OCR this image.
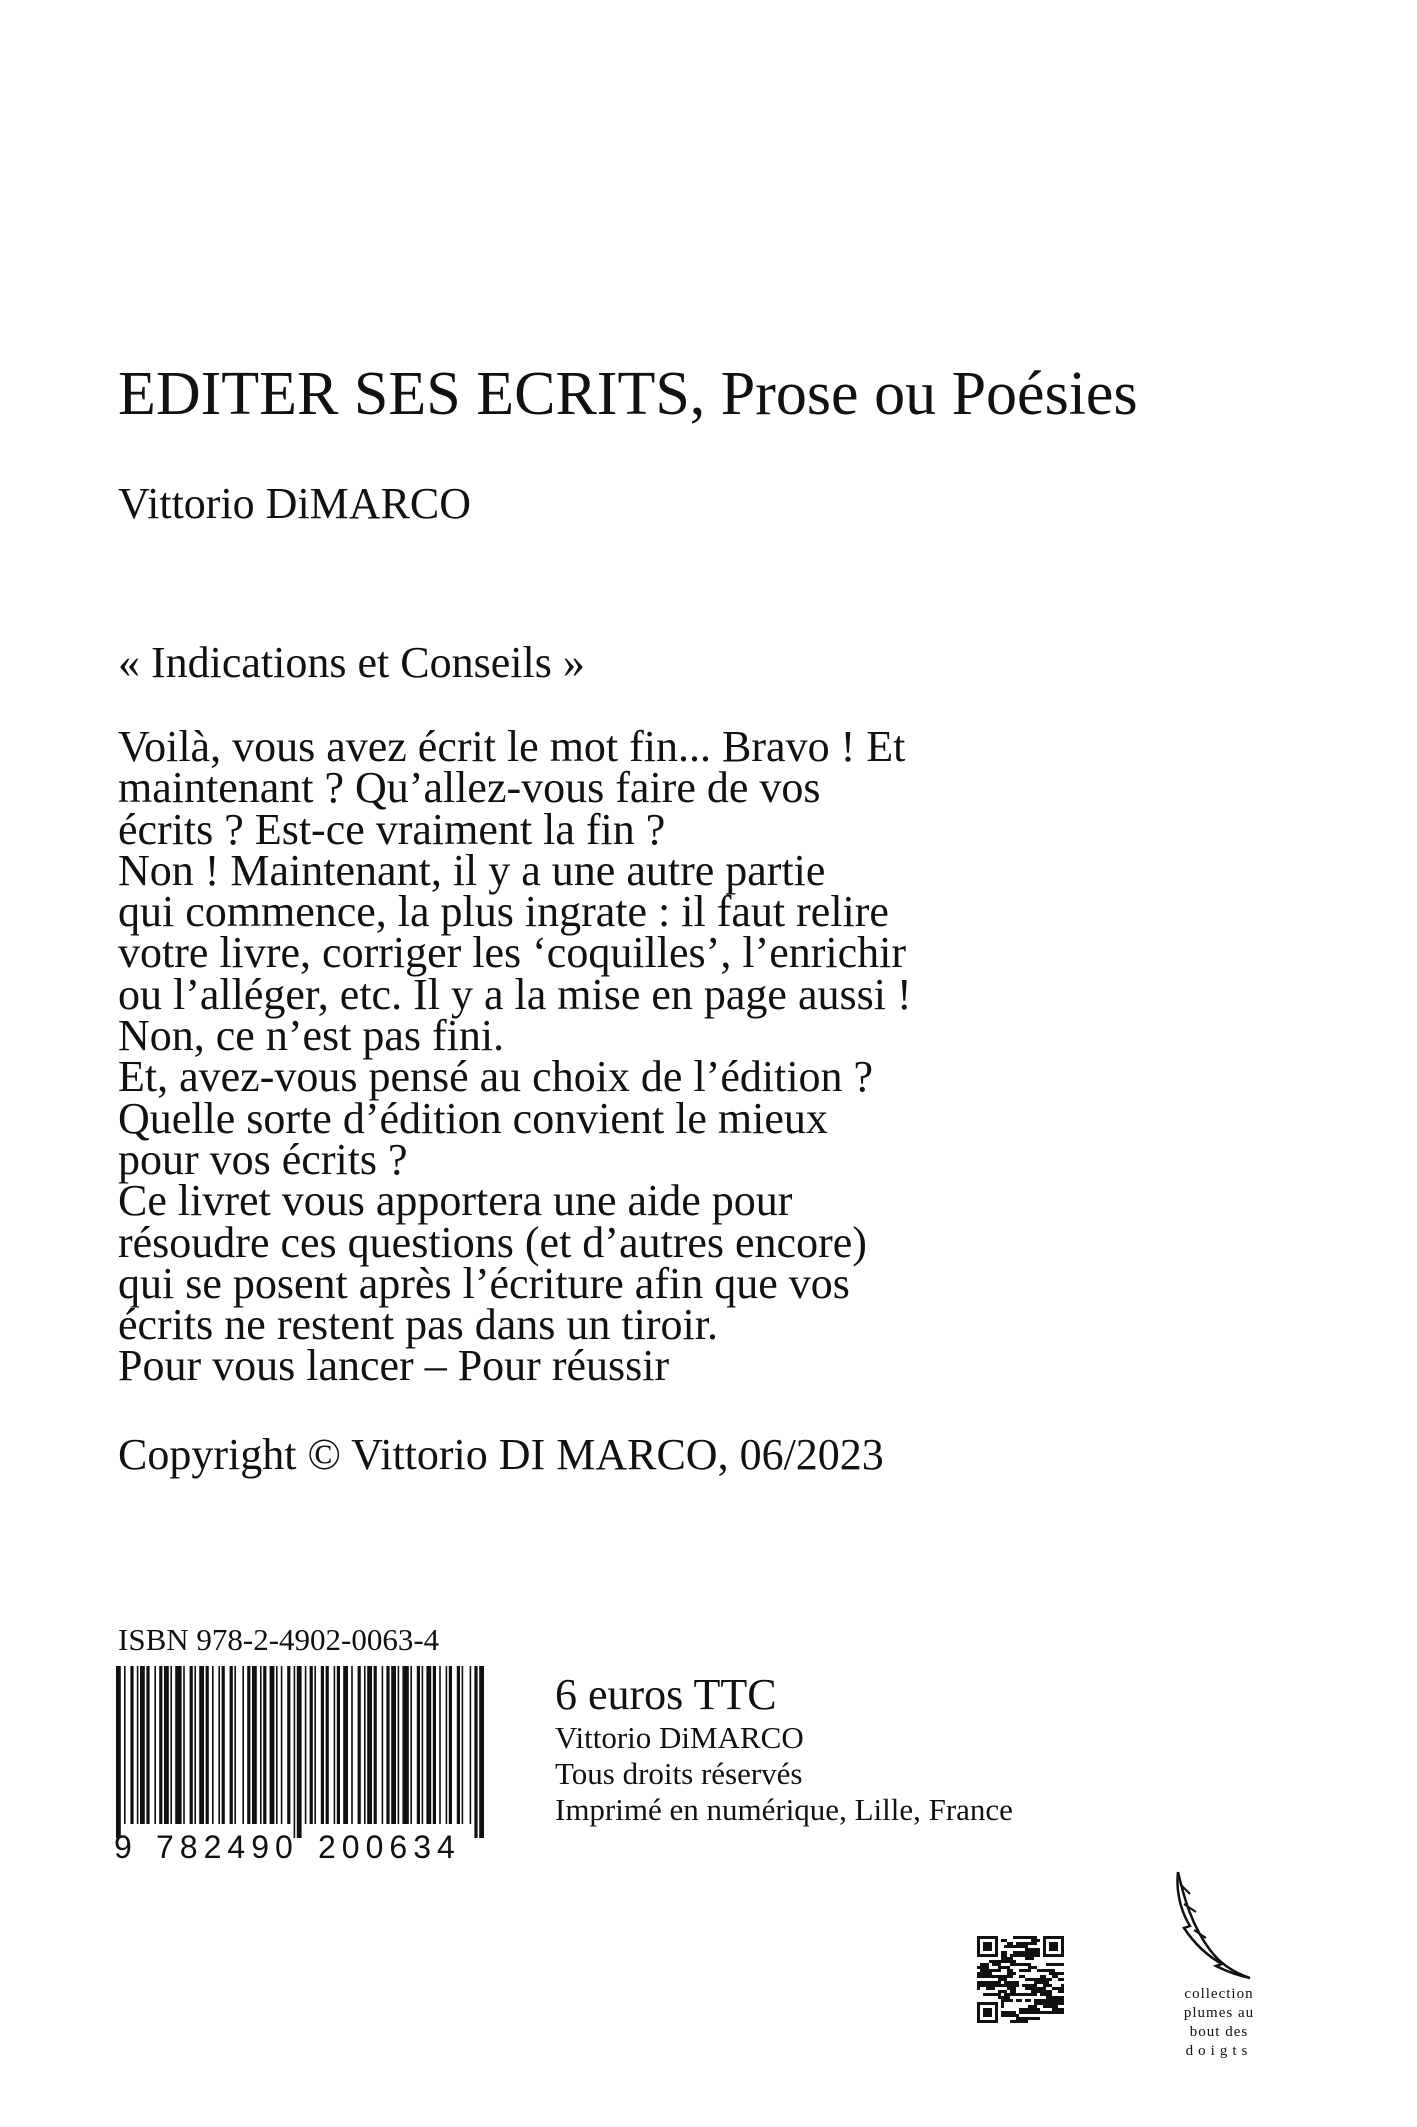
EDITER SES ECRITS, Prose ou Poésies
Vittorio DiMARCO
« Indications et Conseils »
Voilà, vous avez écrit le mot fin... Bravo ! Et
maintenant ? Qu’allez-vous faire de vos
écrits ? Est-ce vraiment la fin ?
Non ! Maintenant, il y a une autre partie
qui commence, la plus ingrate : il faut relire
votre livre, corriger les ‘coquilles’, l’enrichir
ou l’alléger, etc. Il y a la mise en page aussi !
Non, ce n’est pas fini.
Et, avez-vous pensé au choix de l’édition ?
Quelle sorte d’édition convient le mieux
pour vos écrits ?
Ce livret vous apportera une aide pour
résoudre ces questions (et d’autres encore)
qui se posent après l’écriture afin que vos
écrits ne restent pas dans un tiroir.
Pour vous lancer – Pour réussir
Copyright © Vittorio DI MARCO, 06/2023
ISBN 978-2-4902-0063-4
9 782490 200634
6 euros TTC
Vittorio DiMARCO
Tous droits réservés
Imprimé en numérique, Lille, France
collection
plumes au
bout des
doigts
